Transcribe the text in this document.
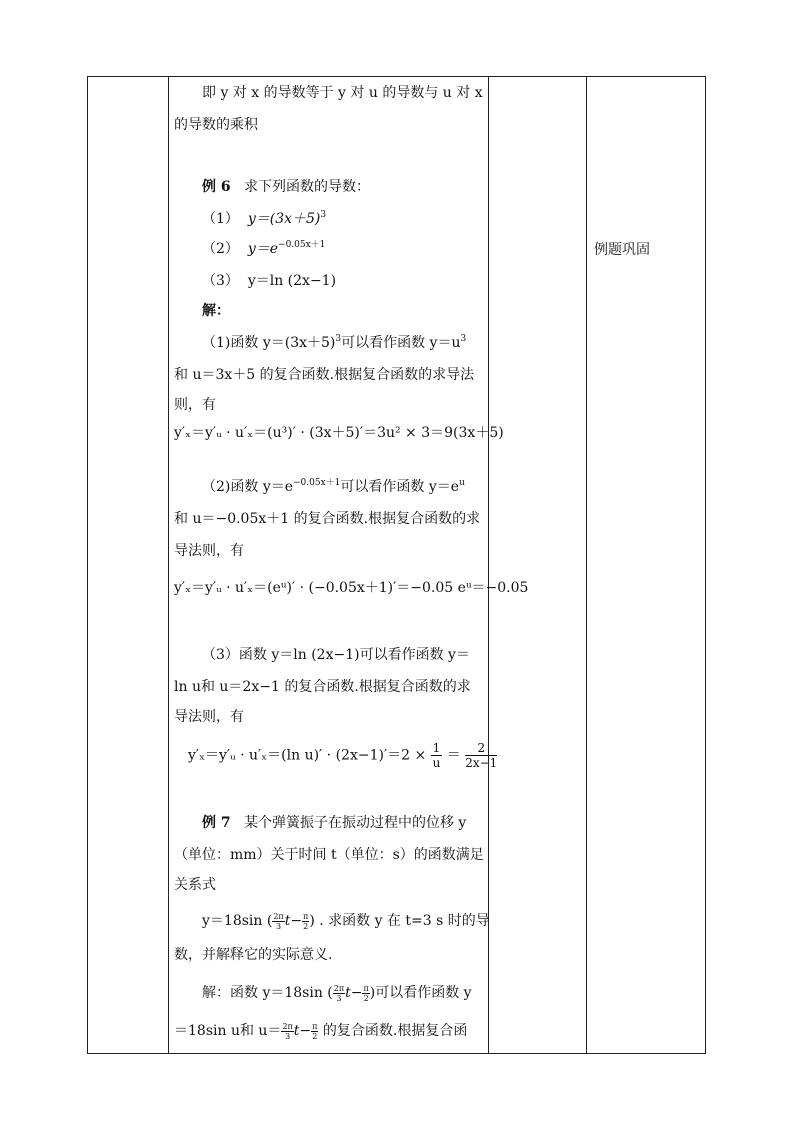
即 y 对 x 的导数等于 y 对 u 的导数与 u 对 x
的导数的乘积
例 6 求下列函数的导数：
（1） $y=(3x+5)^3$
（2） $y=e^{-0.05x+1}$
（3） y＝ln (2x−1)
解：
（1)函数 $y=(3x+5)^3$可以看作函数 $y=u^3$
和 u＝3x＋5 的复合函数.根据复合函数的求导法
则，有
y′ₓ＝y′ᵤ · u′ₓ＝(u³)′ · (3x＋5)′＝3u² × 3＝9(3x＋5)
（2)函数 $y=e^{-0.05x+1}$可以看作函数 $y=e^u$
和 u＝−0.05x＋1 的复合函数.根据复合函数的求
导法则，有
y′ₓ＝y′ᵤ · u′ₓ＝(eᵘ)′ · (−0.05x＋1)′＝−0.05 eᵘ＝−0.05
（3）函数 y＝ln (2x−1)可以看作函数 y＝
ln u和 u＝2x−1 的复合函数.根据复合函数的求
导法则，有
y′ₓ＝y′ᵤ · u′ₓ＝(ln $u)' \cdot (2x-1)'=2 \times \frac{1}{u} = \frac{2}{2x-1}$
例 7 某个弹簧振子在振动过程中的位移 y
（单位：mm）关于时间 t（单位：s）的函数满足
关系式
y＝18sin ( $\frac{2\pi}{3} t- \frac{\pi}{2}$ ) . 求函数 y 在 t=3 s 时的导
数，并解释它的实际意义.
解：函数 y＝18sin ( $\frac{2\pi}{3} t- \frac{\pi}{2}$ )可以看作函数 y
＝18sin u和 $u= \frac{2\pi}{3} t- \frac{\pi}{2}$ 的复合函数.根据复合函
例题巩固
